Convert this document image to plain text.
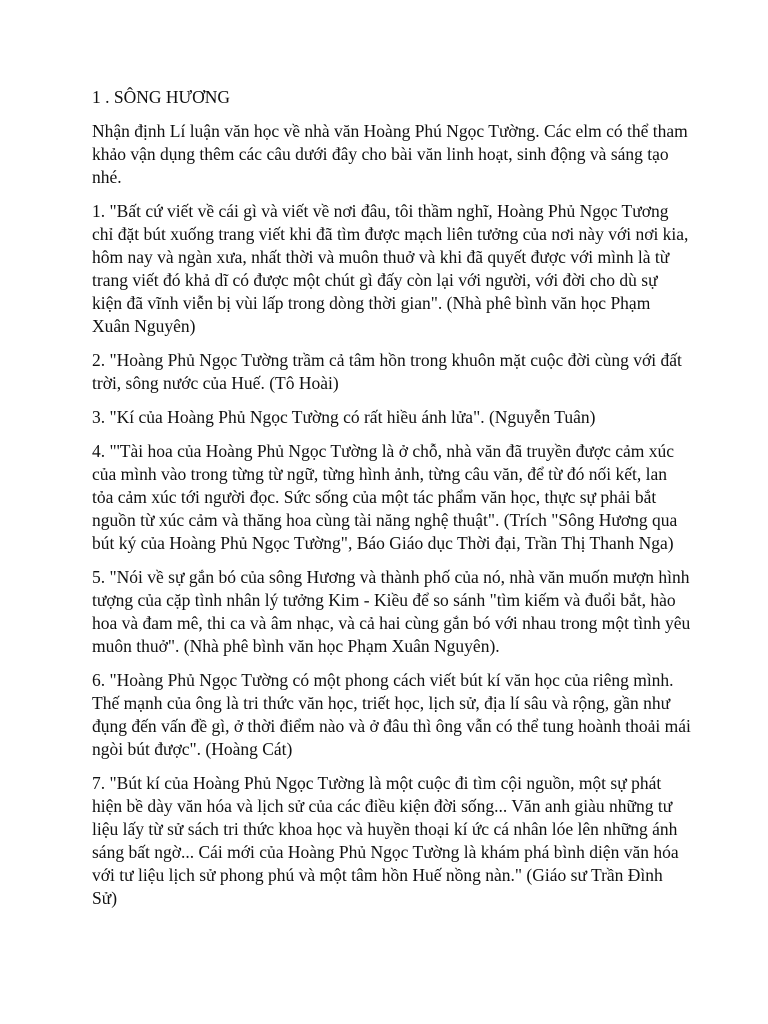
1 . SÔNG HƯƠNG

Nhận định Lí luận văn học về nhà văn Hoàng Phú Ngọc Tường. Các elm có thể tham khảo vận dụng thêm các câu dưới đây cho bài văn linh hoạt, sinh động và sáng tạo nhé.

1. "Bất cứ viết về cái gì và viết về nơi đâu, tôi thầm nghĩ, Hoàng Phủ Ngọc Tương chỉ đặt bút xuống trang viết khi đã tìm được mạch liên tưởng của nơi này với nơi kia, hôm nay và ngàn xưa, nhất thời và muôn thuở và khi đã quyết được với mình là từ trang viết đó khả dĩ có được một chút gì đấy còn lại với người, với đời cho dù sự kiện đã vĩnh viễn bị vùi lấp trong dòng thời gian". (Nhà phê bình văn học Phạm Xuân Nguyên)

2. "Hoàng Phủ Ngọc Tường trầm cả tâm hồn trong khuôn mặt cuộc đời cùng với đất trời, sông nước của Huế. (Tô Hoài)

3. "Kí của Hoàng Phủ Ngọc Tường có rất hiều ánh lửa". (Nguyễn Tuân)

4. "'Tài hoa của Hoàng Phủ Ngọc Tường là ở chỗ, nhà văn đã truyền được cảm xúc của mình vào trong từng từ ngữ, từng hình ảnh, từng câu văn, để từ đó nối kết, lan tỏa cảm xúc tới người đọc. Sức sống của một tác phẩm văn học, thực sự phải bắt nguồn từ xúc cảm và thăng hoa cùng tài năng nghệ thuật". (Trích "Sông Hương qua bút ký của Hoàng Phủ Ngọc Tường", Báo Giáo dục Thời đại, Trần Thị Thanh Nga)

5. "Nói về sự gắn bó của sông Hương và thành phố của nó, nhà văn muốn mượn hình tượng của cặp tình nhân lý tưởng Kim - Kiều để so sánh "tìm kiếm và đuổi bắt, hào hoa và đam mê, thi ca và âm nhạc, và cả hai cùng gắn bó với nhau trong một tình yêu muôn thuở". (Nhà phê bình văn học Phạm Xuân Nguyên).

6. "Hoàng Phủ Ngọc Tường có một phong cách viết bút kí văn học của riêng mình. Thế mạnh của ông là tri thức văn học, triết học, lịch sử, địa lí sâu và rộng, gần như đụng đến vấn đề gì, ở thời điểm nào và ở đâu thì ông vẫn có thể tung hoành thoải mái ngòi bút được". (Hoàng Cát)

7. "Bút kí của Hoàng Phủ Ngọc Tường là một cuộc đi tìm cội nguồn, một sự phát hiện bề dày văn hóa và lịch sử của các điều kiện đời sống... Văn anh giàu những tư liệu lấy từ sử sách tri thức khoa học và huyền thoại kí ức cá nhân lóe lên những ánh sáng bất ngờ... Cái mới của Hoàng Phủ Ngọc Tường là khám phá bình diện văn hóa với tư liệu lịch sử phong phú và một tâm hồn Huế nồng nàn." (Giáo sư Trần Đình Sử)
